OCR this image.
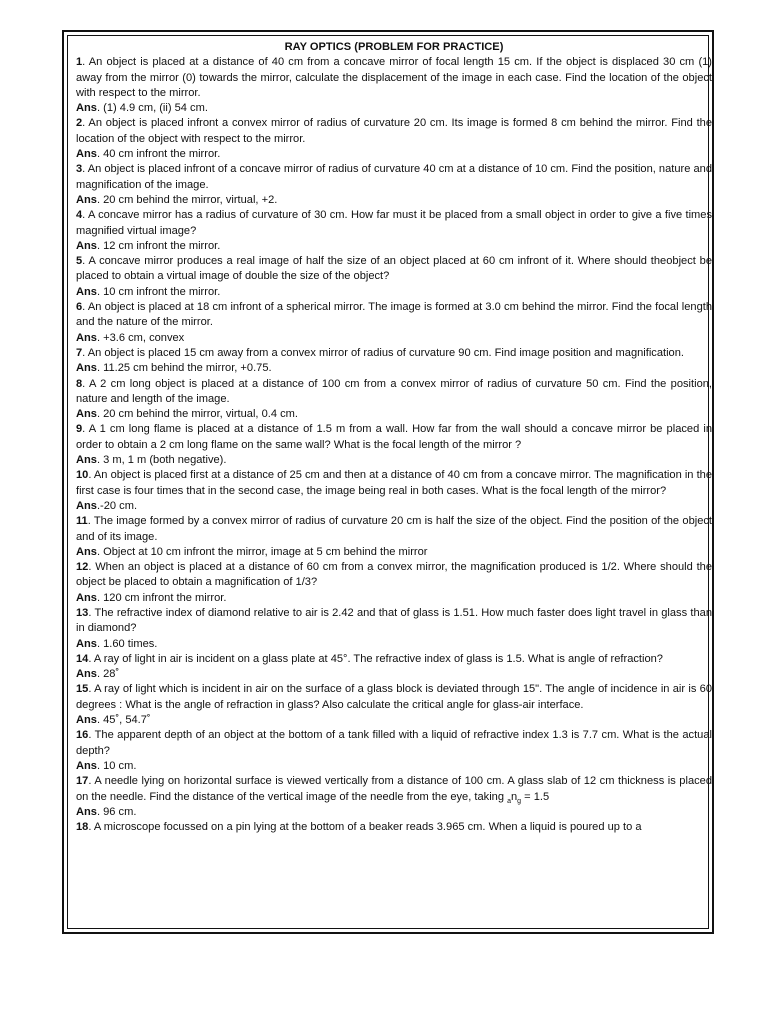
RAY OPTICS (PROBLEM FOR PRACTICE)

1. An object is placed at a distance of 40 cm from a concave mirror of focal length 15 cm. If the object is displaced 30 cm (1) away from the mirror (0) towards the mirror, calculate the displacement of the image in each case. Find the location of the object with respect to the mirror.

Ans. (1) 4.9 cm, (ii) 54 cm.

2. An object is placed infront a convex mirror of radius of curvature 20 cm. Its image is formed 8 cm behind the mirror. Find the location of the object with respect to the mirror.

Ans. 40 cm infront the mirror.

3. An object is placed infront of a concave mirror of radius of curvature 40 cm at a distance of 10 cm. Find the position, nature and magnification of the image.

Ans. 20 cm behind the mirror, virtual, +2.

4. A concave mirror has a radius of curvature of 30 cm. How far must it be placed from a small object in order to give a five times magnified virtual image?

Ans. 12 cm infront the mirror.

5. A concave mirror produces a real image of half the size of an object placed at 60 cm infront of it. Where should theobject be placed to obtain a virtual image of double the size of the object?

Ans. 10 cm infront the mirror.

6. An object is placed at 18 cm infront of a spherical mirror. The image is formed at 3.0 cm behind the mirror. Find the focal length and the nature of the mirror.

Ans. +3.6 cm, convex

7. An object is placed 15 cm away from a convex mirror of radius of curvature 90 cm. Find image position and magnification.

Ans. 11.25 cm behind the mirror, +0.75.

8. A 2 cm long object is placed at a distance of 100 cm from a convex mirror of radius of curvature 50 cm. Find the position, nature and length of the image.

Ans. 20 cm behind the mirror, virtual, 0.4 cm.

9. A 1 cm long flame is placed at a distance of 1.5 m from a wall. How far from the wall should a concave mirror be placed in order to obtain a 2 cm long flame on the same wall? What is the focal length of the mirror ?

Ans. 3 m, 1 m (both negative).

10. An object is placed first at a distance of 25 cm and then at a distance of 40 cm from a concave mirror. The magnification in the first case is four times that in the second case, the image being real in both cases. What is the focal length of the mirror?

Ans.-20 cm.

11. The image formed by a convex mirror of radius of curvature 20 cm is half the size of the object. Find the position of the object and of its image.

Ans. Object at 10 cm infront the mirror, image at 5 cm behind the mirror

12. When an object is placed at a distance of 60 cm from a convex mirror, the magnification produced is 1/2. Where should the object be placed to obtain a magnification of 1/3?

Ans. 120 cm infront the mirror.

13. The refractive index of diamond relative to air is 2.42 and that of glass is 1.51. How much faster does light travel in glass than in diamond?

Ans. 1.60 times.

14. A ray of light in air is incident on a glass plate at 45°. The refractive index of glass is 1.5. What is angle of refraction?

Ans. 28˚

15. A ray of light which is incident in air on the surface of a glass block is deviated through 15". The angle of incidence in air is 60 degrees : What is the angle of refraction in glass? Also calculate the critical angle for glass-air interface.

Ans. 45˚, 54.7˚

16. The apparent depth of an object at the bottom of a tank filled with a liquid of refractive index 1.3 is 7.7 cm. What is the actual depth?

Ans. 10 cm.

17. A needle lying on horizontal surface is viewed vertically from a distance of 100 cm. A glass slab of 12 cm thickness is placed on the needle. Find the distance of the vertical image of the needle from the eye, taking $_an_g = 1.5$

Ans. 96 cm.

18. A microscope focussed on a pin lying at the bottom of a beaker reads 3.965 cm. When a liquid is poured up to a
